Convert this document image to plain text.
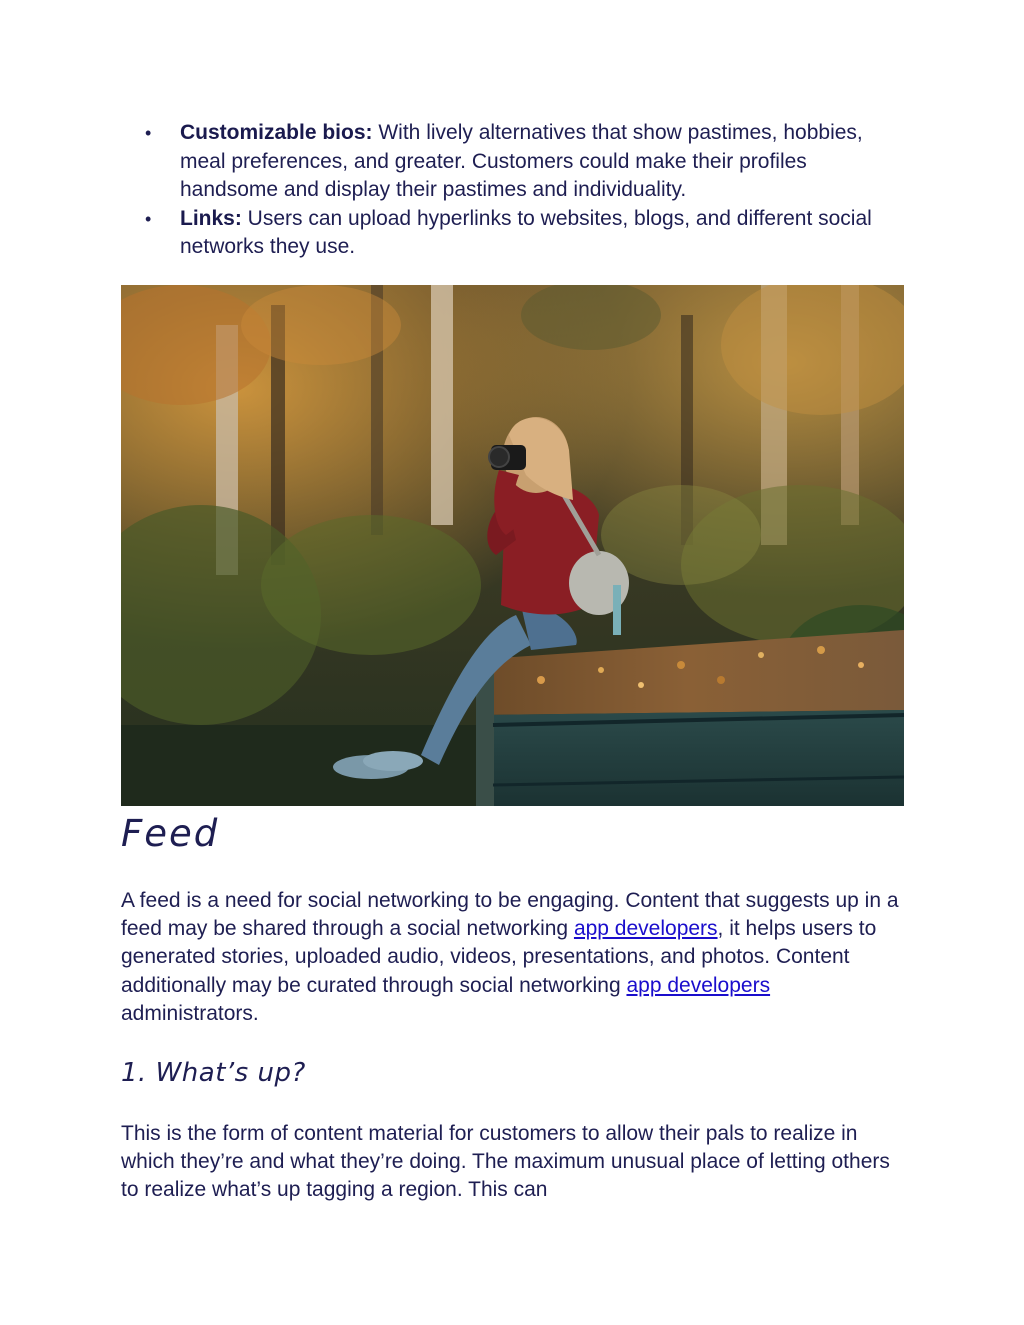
• Customizable bios: With lively alternatives that show pastimes, hobbies, meal preferences, and greater. Customers could make their profiles handsome and display their pastimes and individuality.
• Links: Users can upload hyperlinks to websites, blogs, and different social networks they use.
Feed

A feed is a need for social networking to be engaging. Content that suggests up in a feed may be shared through a social networking app developers, it helps users to generated stories, uploaded audio, videos, presentations, and photos. Content additionally may be curated through social networking app developers administrators.

1. What’s up?

This is the form of content material for customers to allow their pals to realize in which they’re and what they’re doing. The maximum unusual place of letting others to realize what’s up tagging a region. This can
